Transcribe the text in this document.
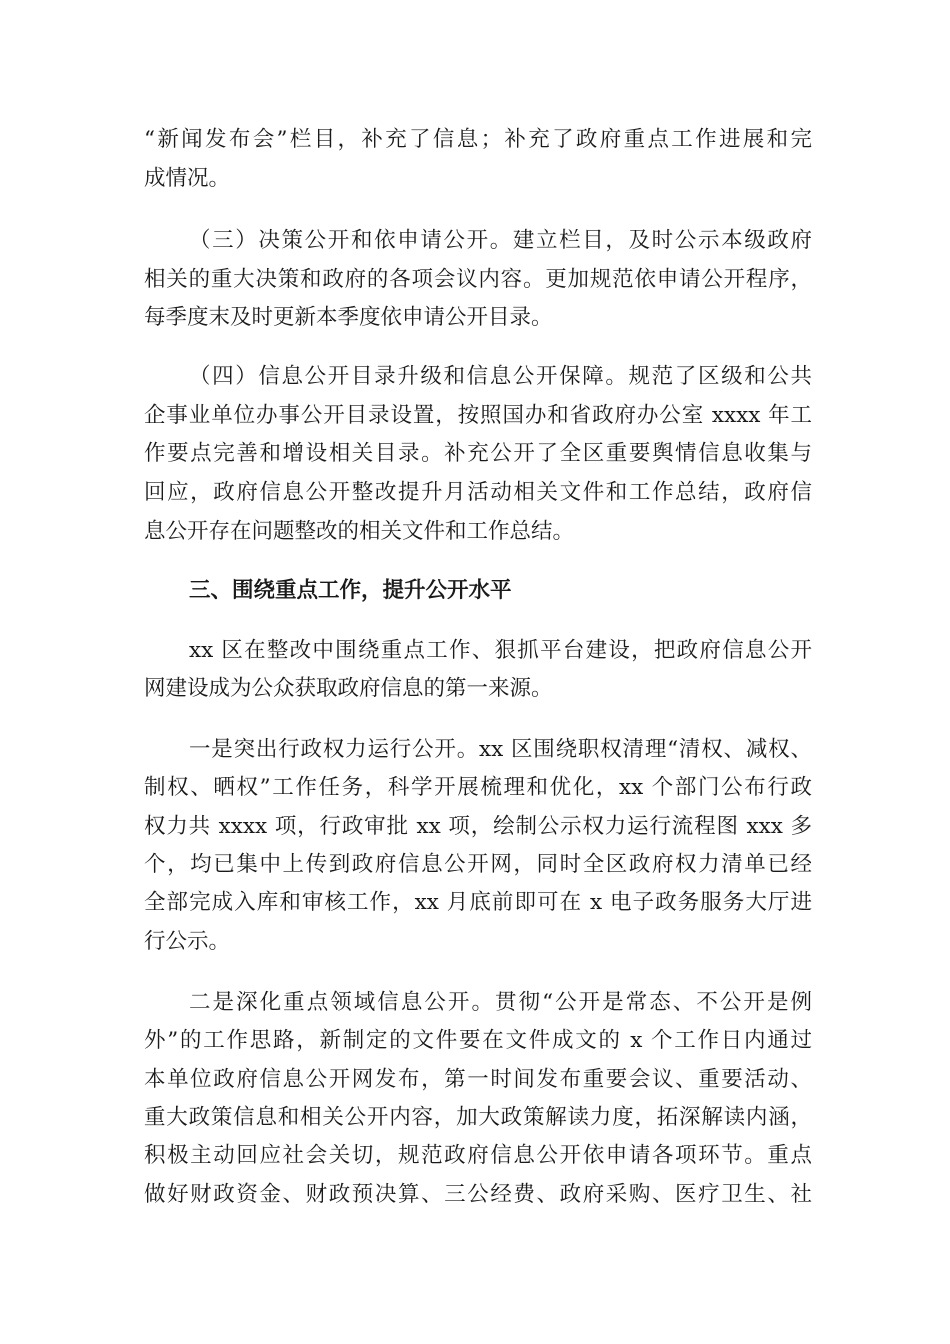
“新闻发布会”栏目，补充了信息；补充了政府重点工作进展和完
成情况。
（三）决策公开和依申请公开。建立栏目，及时公示本级政府
相关的重大决策和政府的各项会议内容。更加规范依申请公开程序，
每季度末及时更新本季度依申请公开目录。
（四）信息公开目录升级和信息公开保障。规范了区级和公共
企事业单位办事公开目录设置，按照国办和省政府办公室 xxxx 年工
作要点完善和增设相关目录。补充公开了全区重要舆情信息收集与
回应，政府信息公开整改提升月活动相关文件和工作总结，政府信
息公开存在问题整改的相关文件和工作总结。
三、围绕重点工作，提升公开水平
xx 区在整改中围绕重点工作、狠抓平台建设，把政府信息公开
网建设成为公众获取政府信息的第一来源。
一是突出行政权力运行公开。xx 区围绕职权清理“清权、减权、
制权、晒权”工作任务，科学开展梳理和优化，xx 个部门公布行政
权力共 xxxx 项，行政审批 xx 项，绘制公示权力运行流程图 xxx 多
个，均已集中上传到政府信息公开网，同时全区政府权力清单已经
全部完成入库和审核工作，xx 月底前即可在 x 电子政务服务大厅进
行公示。
二是深化重点领域信息公开。贯彻“公开是常态、不公开是例
外”的工作思路，新制定的文件要在文件成文的 x 个工作日内通过
本单位政府信息公开网发布，第一时间发布重要会议、重要活动、
重大政策信息和相关公开内容，加大政策解读力度，拓深解读内涵，
积极主动回应社会关切，规范政府信息公开依申请各项环节。重点
做好财政资金、财政预决算、三公经费、政府采购、医疗卫生、社
